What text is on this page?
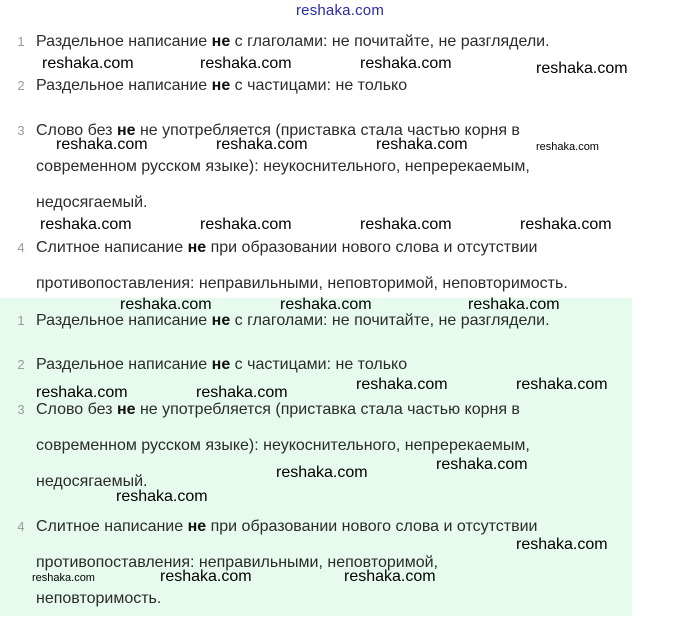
reshaka.com
1 Раздельное написание не с глаголами: не почитайте, не разглядели.
2 Раздельное написание не с частицами: не только
3 Слово без не не употребляется (приставка стала частью корня в
современном русском языке): неукоснительного, непререкаемым,
недосягаемый.
4 Слитное написание не при образовании нового слова и отсутствии
противопоставления: неправильными, неповторимой, неповторимость.
1 Раздельное написание не с глаголами: не почитайте, не разглядели.
2 Раздельное написание не с частицами: не только
3 Слово без не не употребляется (приставка стала частью корня в
современном русском языке): неукоснительного, непререкаемым,
недосягаемый.
4 Слитное написание не при образовании нового слова и отсутствии
противопоставления: неправильными, неповторимой,
неповторимость.
reshaka.com	reshaka.com	reshaka.com	reshaka.com
reshaka.com	reshaka.com	reshaka.com	reshaka.com
reshaka.com	reshaka.com	reshaka.com	reshaka.com
reshaka.com	reshaka.com	reshaka.com
reshaka.com	reshaka.com
reshaka.com	reshaka.com
reshaka.com	reshaka.com
reshaka.com
reshaka.com
reshaka.com	reshaka.com	reshaka.com
